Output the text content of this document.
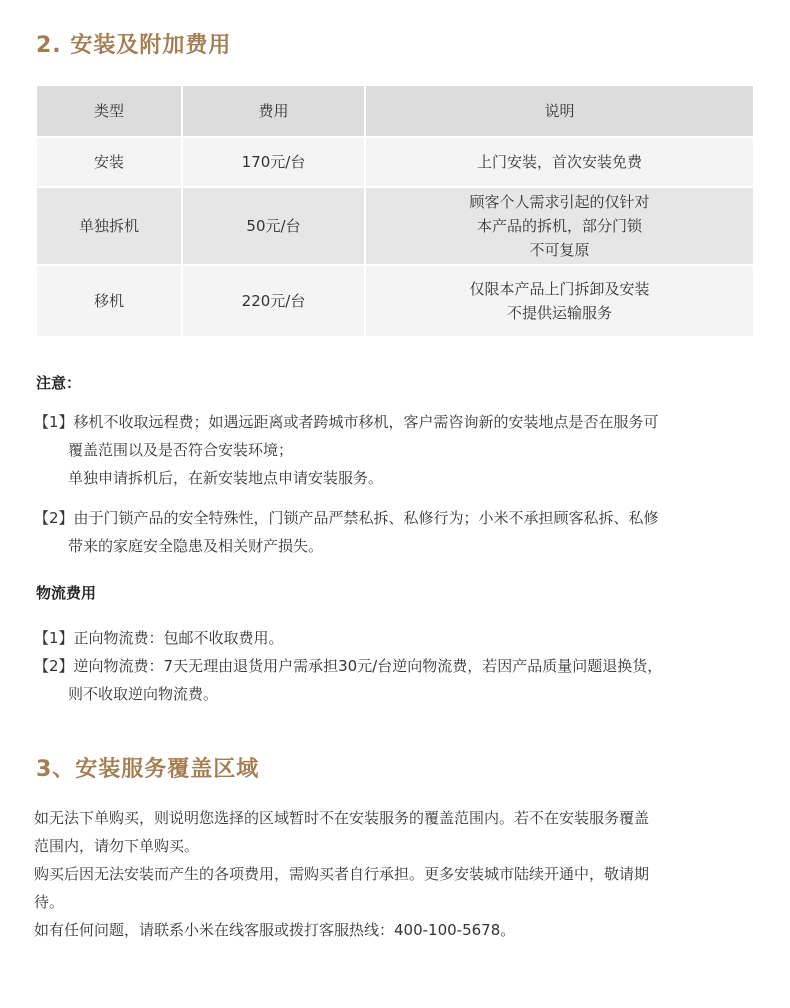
2. 安装及附加费用
类型	费用	说明
安装	170元/台	上门安装，首次安装免费

单独拆机	50元/台	顾客个人需求引起的仅针对
本产品的拆机，部分门锁
不可复原

移机	220元/台	仅限本产品上门拆卸及安装
不提供运输服务
注意：
【1】移机不收取远程费；如遇远距离或者跨城市移机，客户需咨询新的安装地点是否在服务可
覆盖范围以及是否符合安装环境；
单独申请拆机后，在新安装地点申请安装服务。
【2】由于门锁产品的安全特殊性，门锁产品严禁私拆、私修行为；小米不承担顾客私拆、私修
带来的家庭安全隐患及相关财产损失。
物流费用
【1】正向物流费：包邮不收取费用。
【2】逆向物流费：7天无理由退货用户需承担30元/台逆向物流费，若因产品质量问题退换货，
则不收取逆向物流费。
3、安装服务覆盖区域
如无法下单购买，则说明您选择的区域暂时不在安装服务的覆盖范围内。若不在安装服务覆盖
范围内，请勿下单购买。
购买后因无法安装而产生的各项费用，需购买者自行承担。更多安装城市陆续开通中，敬请期
待。
如有任何问题，请联系小米在线客服或拨打客服热线：400-100-5678。
